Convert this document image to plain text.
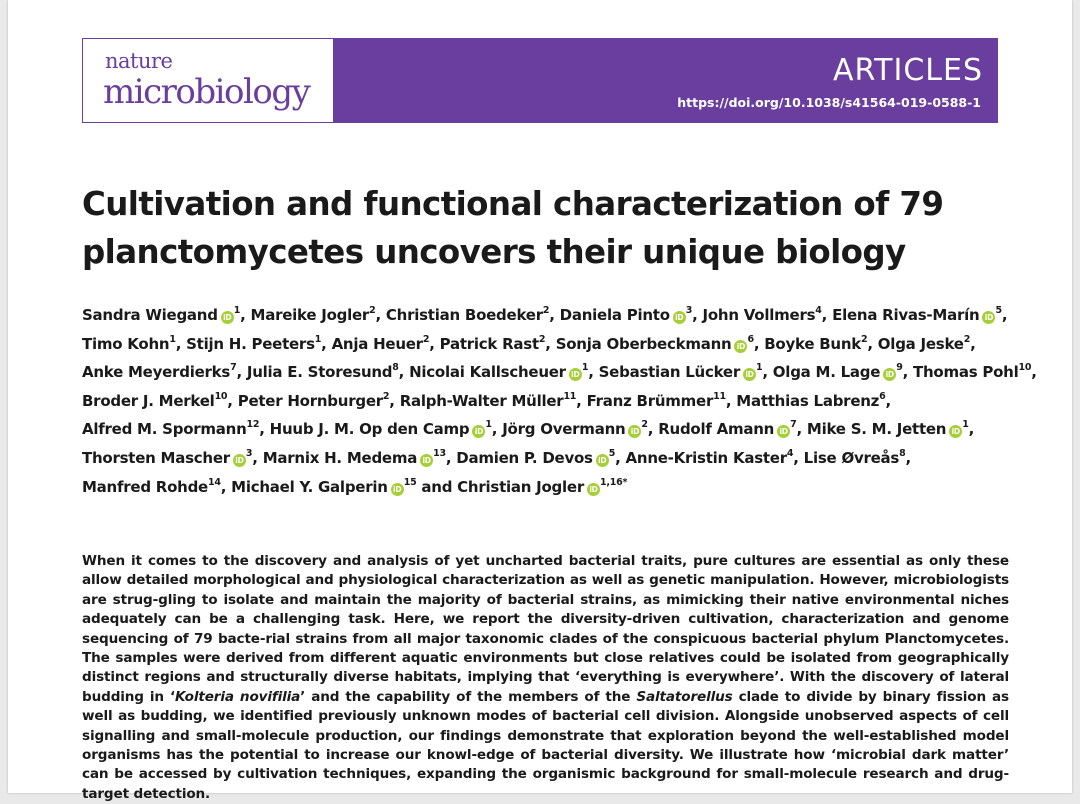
nature
microbiology
ARTICLES
https://doi.org/10.1038/s41564-019-0588-1
Cultivation and functional characterization of 79
planctomycetes uncovers their unique biology

Sandra WiegandiD $^1$, Mareike Jogler$^2$, Christian Boedeker$^2$, Daniela PintoiD $^3$, John Vollmers$^4$, Elena Rivas-MaríniD $^5$, Timo Kohn$^1$, Stijn H. Peeters$^1$, Anja Heuer$^2$, Patrick Rast$^2$, Sonja OberbeckmanniD $^6$, Boyke Bunk$^2$, Olga Jeske$^2$, Anke Meyerdierks$^7$, Julia E. Storesund$^8$, Nicolai KallscheueriD $^1$, Sebastian LückeriD $^1$, Olga M. LageiD $^9$, Thomas Pohl$^{10}$, Broder J. Merkel$^{10}$, Peter Hornburger$^2$, Ralph-Walter Müller$^{11}$, Franz Brümmer$^{11}$, Matthias Labrenz$^6$, Alfred M. Spormann$^{12}$, Huub J. M. Op den CampiD $^1$, Jörg OvermanniD $^2$, Rudolf AmanniD $^7$, Mike S. M. JetteniD $^1$, Thorsten MascheriD $^3$, Marnix H. MedemaiD $^{13}$, Damien P. DevosiD $^5$, Anne-Kristin Kaster$^4$, Lise Øvreås$^8$, Manfred Rohde$^{14}$, Michael Y. GalperiniD $^{15}$ and Christian JogleriD $^{1,16*}$

When it comes to the discovery and analysis of yet uncharted bacterial traits, pure cultures are essential as only these allow detailed morphological and physiological characterization as well as genetic manipulation. However, microbiologists are strug-gling to isolate and maintain the majority of bacterial strains, as mimicking their native environmental niches adequately can be a challenging task. Here, we report the diversity-driven cultivation, characterization and genome sequencing of 79 bacte-rial strains from all major taxonomic clades of the conspicuous bacterial phylum Planctomycetes. The samples were derived from different aquatic environments but close relatives could be isolated from geographically distinct regions and structurally diverse habitats, implying that ‘everything is everywhere’. With the discovery of lateral budding in ‘Kolteria novifilia’ and the capability of the members of the Saltatorellus clade to divide by binary fission as well as budding, we identified previously unknown modes of bacterial cell division. Alongside unobserved aspects of cell signalling and small-molecule production, our findings demonstrate that exploration beyond the well-established model organisms has the potential to increase our knowl-edge of bacterial diversity. We illustrate how ‘microbial dark matter’ can be accessed by cultivation techniques, expanding the organismic background for small-molecule research and drug-target detection.
